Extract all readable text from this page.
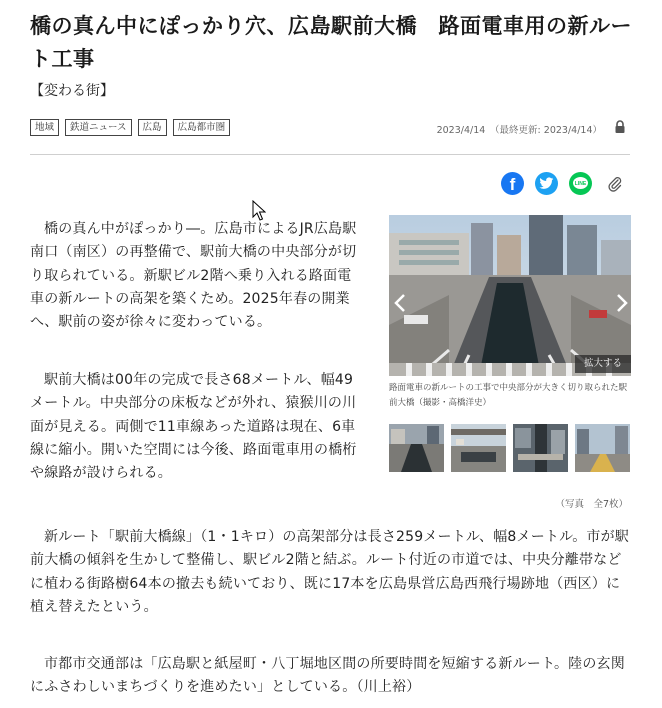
橋の真ん中にぽっかり穴、広島駅前大橋　路面電車用の新ルート工事
【変わる街】
地域	鉄道ニュース	広島	広島都市圏	2023/4/14　（最終更新: 2023/4/14）
f	LINE

橋の真ん中がぽっかり―。広島市によるJR広島駅南口（南区）の再整備で、駅前大橋の中央部分が切り取られている。新駅ビル2階へ乗り入れる路面電車の新ルートの高架を築くため。2025年春の開業へ、駅前の姿が徐々に変わっている。

駅前大橋は00年の完成で長さ68メートル、幅49メートル。中央部分の床板などが外れ、猿猴川の川面が見える。両側で11車線あった道路は現在、6車線に縮小。開いた空間には今後、路面電車用の橋桁や線路が設けられる。

拡大する
路面電車の新ルートの工事で中央部分が大きく切り取られた駅前大橋（撮影・高橋洋史）
（写真　全7枚）

新ルート「駅前大橋線」（1・1キロ）の高架部分は長さ259メートル、幅8メートル。市が駅前大橋の傾斜を生かして整備し、駅ビル2階と結ぶ。ルート付近の市道では、中央分離帯などに植わる街路樹64本の撤去も続いており、既に17本を広島県営広島西飛行場跡地（西区）に植え替えたという。

市都市交通部は「広島駅と紙屋町・八丁堀地区間の所要時間を短縮する新ルート。陸の玄関にふさわしいまちづくりを進めたい」としている。（川上裕）
